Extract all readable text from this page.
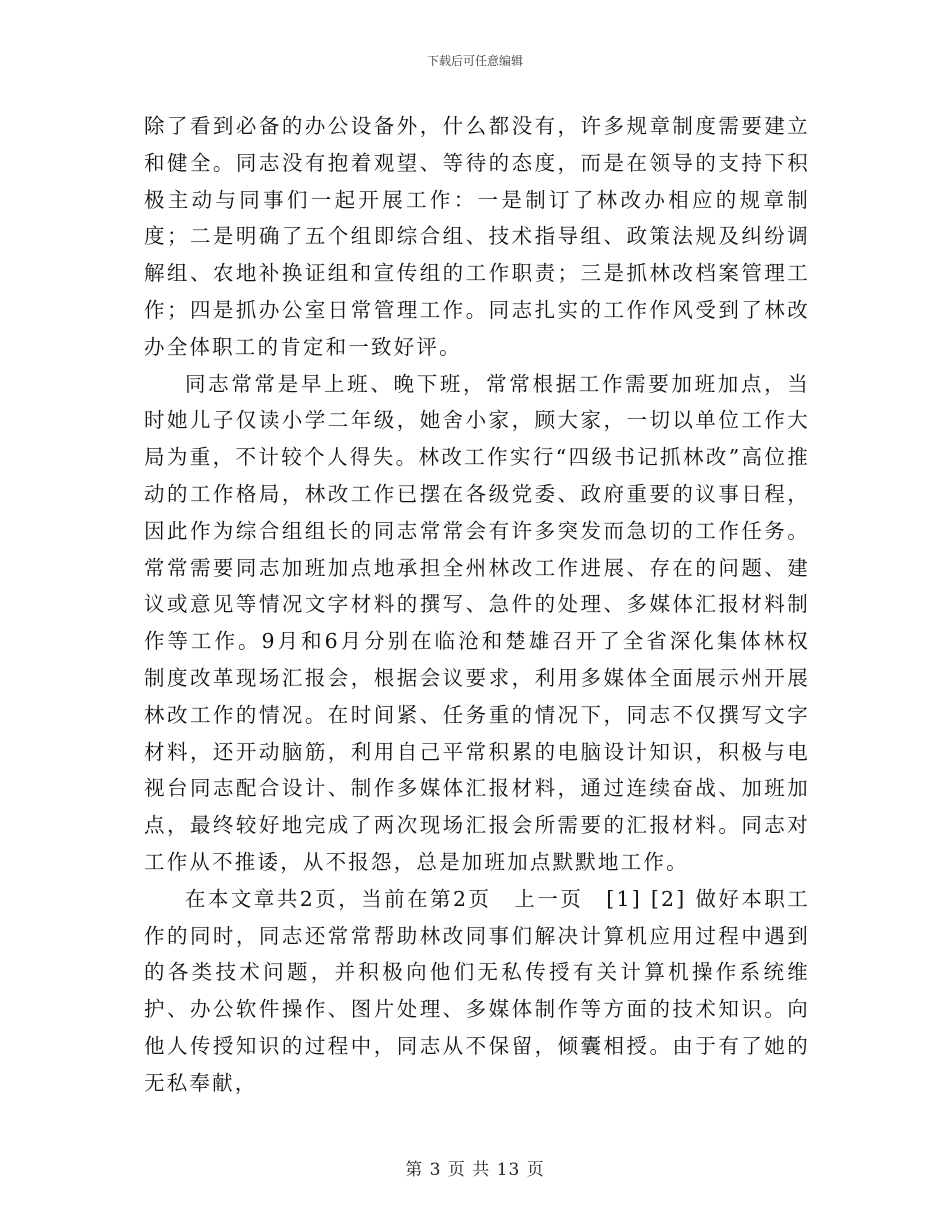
下载后可任意编辑

除了看到必备的办公设备外，什么都没有，许多规章制度需要建立和健全。同志没有抱着观望、等待的态度，而是在领导的支持下积极主动与同事们一起开展工作：一是制订了林改办相应的规章制度；二是明确了五个组即综合组、技术指导组、政策法规及纠纷调解组、农地补换证组和宣传组的工作职责；三是抓林改档案管理工作；四是抓办公室日常管理工作。同志扎实的工作作风受到了林改办全体职工的肯定和一致好评。

同志常常是早上班、晚下班，常常根据工作需要加班加点，当时她儿子仅读小学二年级，她舍小家，顾大家，一切以单位工作大局为重，不计较个人得失。林改工作实行“四级书记抓林改”高位推动的工作格局，林改工作已摆在各级党委、政府重要的议事日程，因此作为综合组组长的同志常常会有许多突发而急切的工作任务。常常需要同志加班加点地承担全州林改工作进展、存在的问题、建议或意见等情况文字材料的撰写、急件的处理、多媒体汇报材料制作等工作。9月和6月分别在临沧和楚雄召开了全省深化集体林权制度改革现场汇报会，根据会议要求，利用多媒体全面展示州开展林改工作的情况。在时间紧、任务重的情况下，同志不仅撰写文字材料，还开动脑筋，利用自己平常积累的电脑设计知识，积极与电视台同志配合设计、制作多媒体汇报材料，通过连续奋战、加班加点，最终较好地完成了两次现场汇报会所需要的汇报材料。同志对工作从不推诿，从不报怨，总是加班加点默默地工作。

在本文章共2页，当前在第2页　上一页　[1] [2] 做好本职工作的同时，同志还常常帮助林改同事们解决计算机应用过程中遇到的各类技术问题，并积极向他们无私传授有关计算机操作系统维护、办公软件操作、图片处理、多媒体制作等方面的技术知识。向他人传授知识的过程中，同志从不保留，倾囊相授。由于有了她的无私奉献，

第 3 页 共 13 页
